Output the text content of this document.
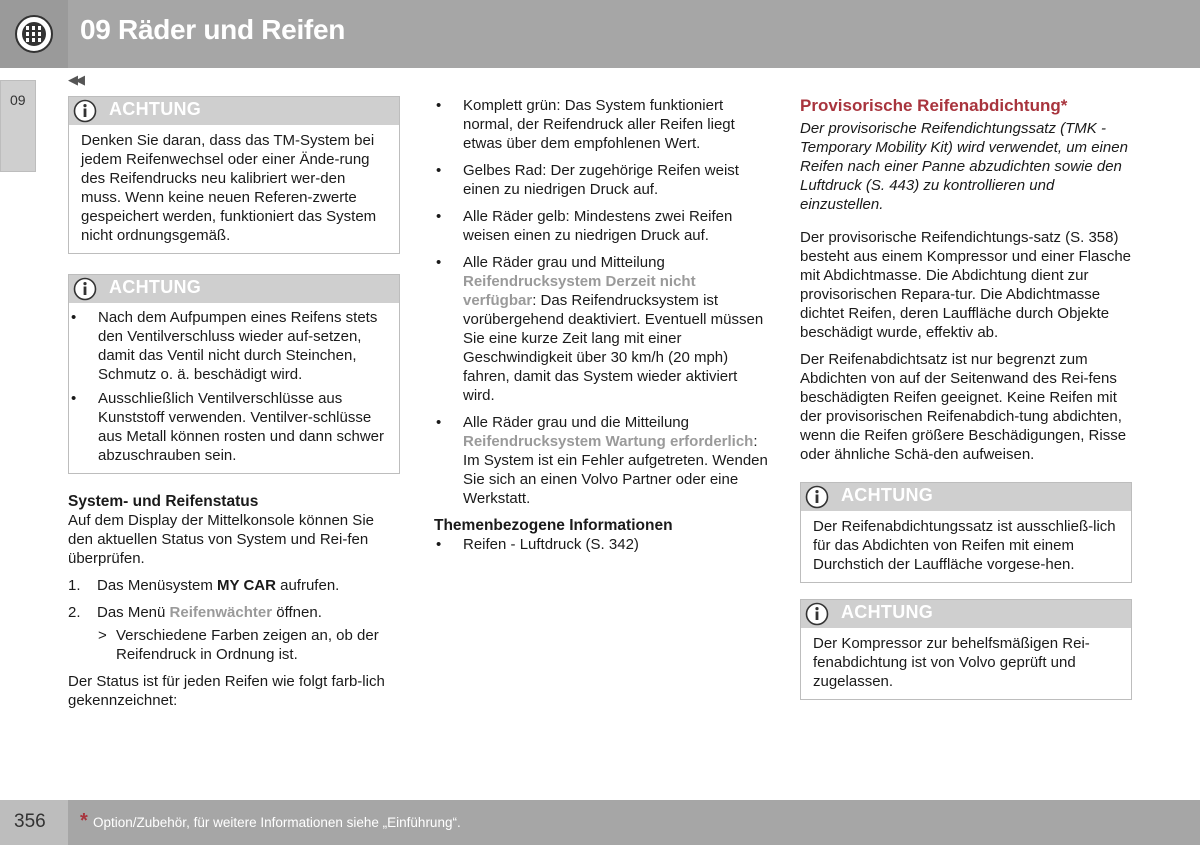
09 Räder und Reifen
09
◀◀
ACHTUNG

Denken Sie daran, dass das TM-System bei jedem Reifenwechsel oder einer Ände-rung des Reifendrucks neu kalibriert wer-den muss. Wenn keine neuen Referen-zwerte gespeichert werden, funktioniert das System nicht ordnungsgemäß.

ACHTUNG
• Nach dem Aufpumpen eines Reifens stets den Ventilverschluss wieder auf-setzen, damit das Ventil nicht durch Steinchen, Schmutz o. ä. beschädigt wird.
• Ausschließlich Ventilverschlüsse aus Kunststoff verwenden. Ventilver-schlüsse aus Metall können rosten und dann schwer abzuschrauben sein.
System- und Reifenstatus

Auf dem Display der Mittelkonsole können Sie den aktuellen Status von System und Rei-fen überprüfen.

1. Das Menüsystem MY CAR aufrufen.
2. Das Menü Reifenwächter öffnen.
> Verschiedene Farben zeigen an, ob der Reifendruck in Ordnung ist.

Der Status ist für jeden Reifen wie folgt farb-lich gekennzeichnet:

• Komplett grün: Das System funktioniert normal, der Reifendruck aller Reifen liegt etwas über dem empfohlenen Wert.
• Gelbes Rad: Der zugehörige Reifen weist einen zu niedrigen Druck auf.
• Alle Räder gelb: Mindestens zwei Reifen weisen einen zu niedrigen Druck auf.
• Alle Räder grau und Mitteilung Reifendrucksystem Derzeit nicht verfügbar: Das Reifendrucksystem ist vorübergehend deaktiviert. Eventuell müssen Sie eine kurze Zeit lang mit einer Geschwindigkeit über 30 km/h (20 mph) fahren, damit das System wieder aktiviert wird.
• Alle Räder grau und die Mitteilung Reifendrucksystem Wartung erforderlich: Im System ist ein Fehler aufgetreten. Wenden Sie sich an einen Volvo Partner oder eine Werkstatt.
Themenbezogene Informationen
• Reifen - Luftdruck (S. 342)
Provisorische Reifenabdichtung*

Der provisorische Reifendichtungssatz (TMK - Temporary Mobility Kit) wird verwendet, um einen Reifen nach einer Panne abzudichten sowie den Luftdruck (S. 443) zu kontrollieren und einzustellen.

Der provisorische Reifendichtungs-satz (S. 358) besteht aus einem Kompressor und einer Flasche mit Abdichtmasse. Die Abdichtung dient zur provisorischen Repara-tur. Die Abdichtmasse dichtet Reifen, deren Lauffläche durch Objekte beschädigt wurde, effektiv ab.

Der Reifenabdichtsatz ist nur begrenzt zum Abdichten von auf der Seitenwand des Rei-fens beschädigten Reifen geeignet. Keine Reifen mit der provisorischen Reifenabdich-tung abdichten, wenn die Reifen größere Beschädigungen, Risse oder ähnliche Schä-den aufweisen.

ACHTUNG

Der Reifenabdichtungssatz ist ausschließ-lich für das Abdichten von Reifen mit einem Durchstich der Lauffläche vorgese-hen.

ACHTUNG

Der Kompressor zur behelfsmäßigen Rei-fenabdichtung ist von Volvo geprüft und zugelassen.

356 * Option/Zubehör, für weitere Informationen siehe „Einführung“.
